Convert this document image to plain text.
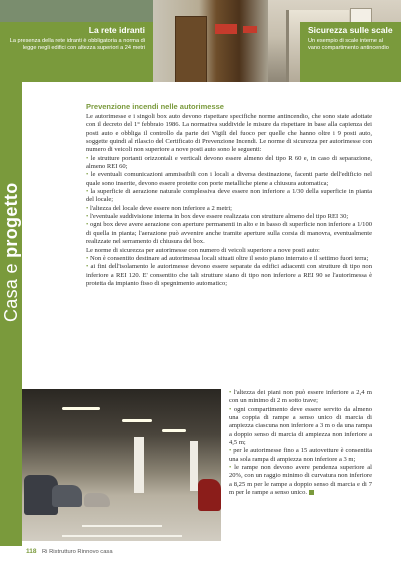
La rete idranti
La presenza della rete idranti è obbligatoria a norma di legge negli edifici con altezza superiori a 24 metri
Sicurezza sulle scale
Un esempio di scale interne al vano compartimento antincendio
Casa e progetto
Prevenzione incendi nelle autorimesse

Le autorimesse e i singoli box auto devono rispettare specifiche norme antincendio, che sono state adottate con il decreto del 1° febbraio 1986. La normativa suddivide le misure da rispettare in base alla capienza dei posti auto e obbliga il controllo da parte dei Vigili del fuoco per quelle che hanno oltre i 9 posti auto, soggette quindi al rilascio del Certificato di Prevenzione Incendi. Le norme di sicurezza per autorimesse con numero di veicoli non superiore a nove posti auto sono le seguenti:

• le strutture portanti orizzontali e verticali devono essere almeno del tipo R 60 e, in caso di separazione, almeno REI 60;

• le eventuali comunicazioni ammissibili con i locali a diversa destinazione, facenti parte dell'edificio nel quale sono inserite, devono essere protette con porte metalliche piene a chiusura automatica;

• la superficie di aerazione naturale complessiva deve essere non inferiore a 1/30 della superficie in pianta del locale;

• l'altezza del locale deve essere non inferiore a 2 metri;

• l'eventuale suddivisione interna in box deve essere realizzata con strutture almeno del tipo REI 30;

• ogni box deve avere aerazione con aperture permanenti in alto e in basso di superficie non inferiore a 1/100 di quella in pianta; l'aerazione può avvenire anche tramite aperture sulla corsia di manovra, eventualmente realizzate nel serramento di chiusura del box.

Le norme di sicurezza per autorimesse con numero di veicoli superiore a nove posti auto:

• Non è consentito destinare ad autorimessa locali situati oltre il sesto piano interrato e il settimo fuori terra;

• ai fini dell'isolamento le autorimesse devono essere separate da edifici adiacenti con strutture di tipo non inferiore a REI 120. E' consentito che tali strutture siano di tipo non inferiore a REI 90 se l'autorimessa è protetta da impianto fisso di spegnimento automatico;

• l'altezza dei piani non può essere inferiore a 2,4 m con un minimo di 2 m sotto trave;

• ogni compartimento deve essere servito da almeno una coppia di rampe a senso unico di marcia di ampiezza ciascuna non inferiore a 3 m o da una rampa a doppio senso di marcia di ampiezza non inferiore a 4,5 m;

• per le autorimesse fino a 15 autovetture è consentita una sola rampa di ampiezza non inferiore a 3 m;

• le rampe non devono avere pendenza superiore al 20%, con un raggio minimo di curvatura non inferiore a 8,25 m per le rampe a doppio senso di marcia e di 7 m per le rampe a senso unico.

118 Ri Ristrutturo Rinnovo casa
